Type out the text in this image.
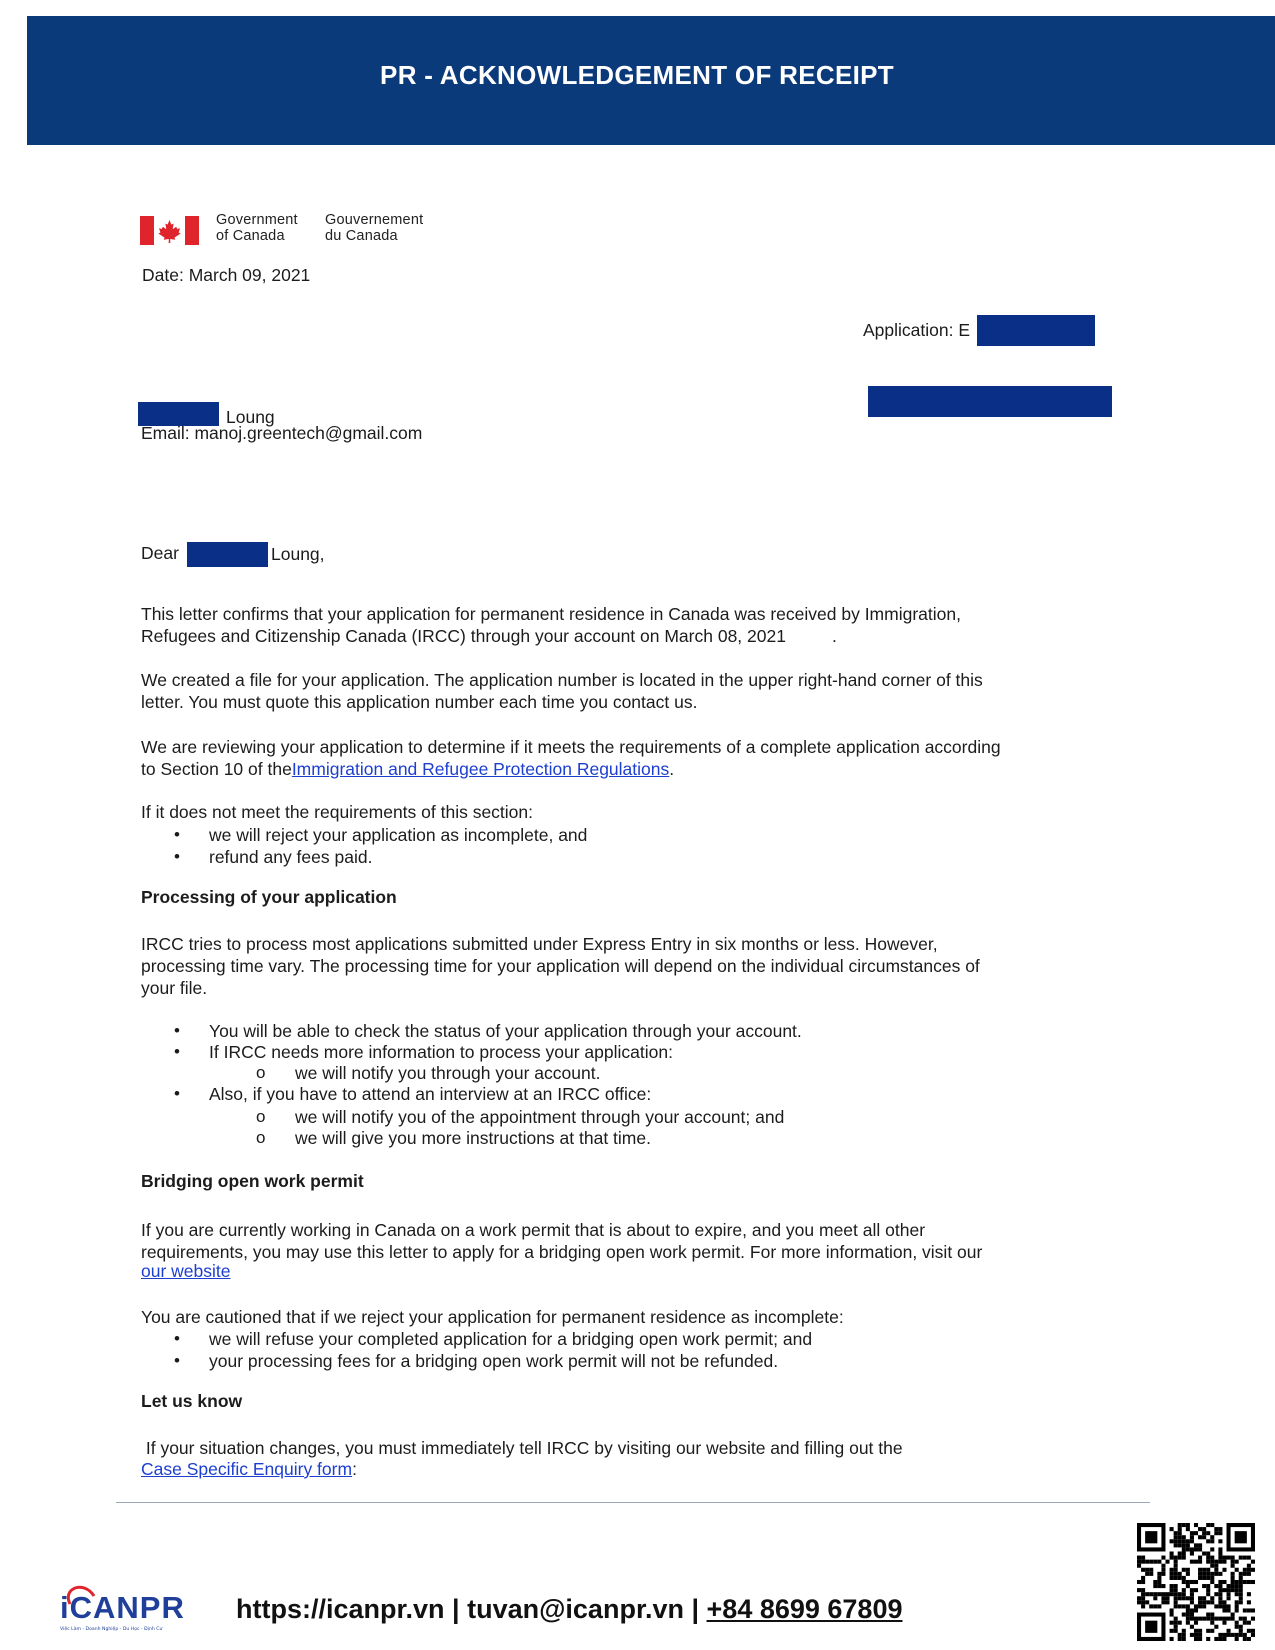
PR - ACKNOWLEDGEMENT OF RECEIPT
Government
of Canada
Gouvernement
du Canada
Date: March 09, 2021
Application: E
Loung
Email: manoj.greentech@gmail.com
Dear	Loung,
This letter confirms that your application for permanent residence in Canada was received by Immigration,
Refugees and Citizenship Canada (IRCC) through your account on March 08, 2021	.
We created a file for your application. The application number is located in the upper right-hand corner of this
letter. You must quote this application number each time you contact us.
We are reviewing your application to determine if it meets the requirements of a complete application according
to Section 10 of theImmigration and Refugee Protection Regulations.
If it does not meet the requirements of this section:
• we will reject your application as incomplete, and
• refund any fees paid.
Processing of your application
IRCC tries to process most applications submitted under Express Entry in six months or less. However,
processing time vary. The processing time for your application will depend on the individual circumstances of
your file.
• You will be able to check the status of your application through your account.
• If IRCC needs more information to process your application:
o we will notify you through your account.
• Also, if you have to attend an interview at an IRCC office:
o we will notify you of the appointment through your account; and
o we will give you more instructions at that time.
Bridging open work permit
If you are currently working in Canada on a work permit that is about to expire, and you meet all other
requirements, you may use this letter to apply for a bridging open work permit. For more information, visit our
our website
You are cautioned that if we reject your application for permanent residence as incomplete:
• we will refuse your completed application for a bridging open work permit; and
• your processing fees for a bridging open work permit will not be refunded.
Let us know
If your situation changes, you must immediately tell IRCC by visiting our website and filling out the
Case Specific Enquiry form:
iCANPR
Việc Làm - Doanh Nghiệp - Du Học - Định Cư
https://icanpr.vn | tuvan@icanpr.vn | +84 8699 67809
